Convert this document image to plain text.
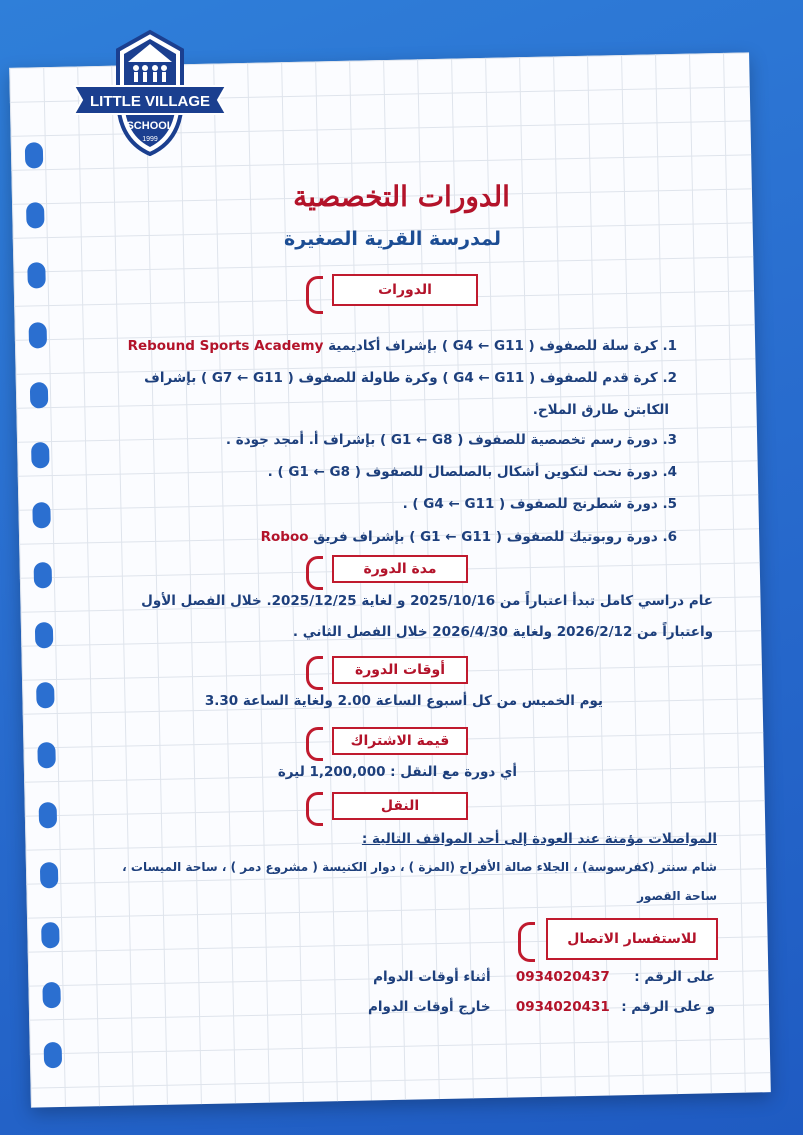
LITTLE VILLAGE
SCHOOL
1999
الدورات التخصصية
لمدرسة القرية الصغيرة
الدورات
1. كرة سلة للصفوف ( G4 ← G11 ) بإشراف أكاديمية Rebound Sports Academy
2. كرة قدم للصفوف ( G4 ← G11 ) وكرة طاولة للصفوف ( G7 ← G11 ) بإشراف
الكابتن طارق الملاح.
3. دورة رسم تخصصية للصفوف ( G1 ← G8 ) بإشراف أ. أمجد جودة .
4. دورة نحت لتكوين أشكال بالصلصال للصفوف ( G1 ← G8 ) .
5. دورة شطرنج للصفوف ( G4 ← G11 ) .
6. دورة روبوتيك للصفوف ( G1 ← G11 ) بإشراف فريق Roboo
مدة الدورة
عام دراسي كامل تبدأ اعتباراً من 2025/10/16 و لغاية 2025/12/25. خلال الفصل الأول
واعتباراً من 2026/2/12 ولغاية 2026/4/30 خلال الفصل الثاني .
أوقات الدورة
يوم الخميس من كل أسبوع الساعة 2.00 ولغاية الساعة 3.30
قيمة الاشتراك
أي دورة مع النقل : 1,200,000 ليرة
النقل
المواصلات مؤمنة عند العودة إلى أحد المواقف التالية :
شام سنتر (كفرسوسة) ، الجلاء صالة الأفراح (المزة ) ، دوار الكنيسة ( مشروع دمر ) ، ساحة الميسات ،
ساحة القصور
للاستفسار الاتصال
على الرقم : 0934020437 أثناء أوقات الدوام
و على الرقم : 0934020431 خارج أوقات الدوام
